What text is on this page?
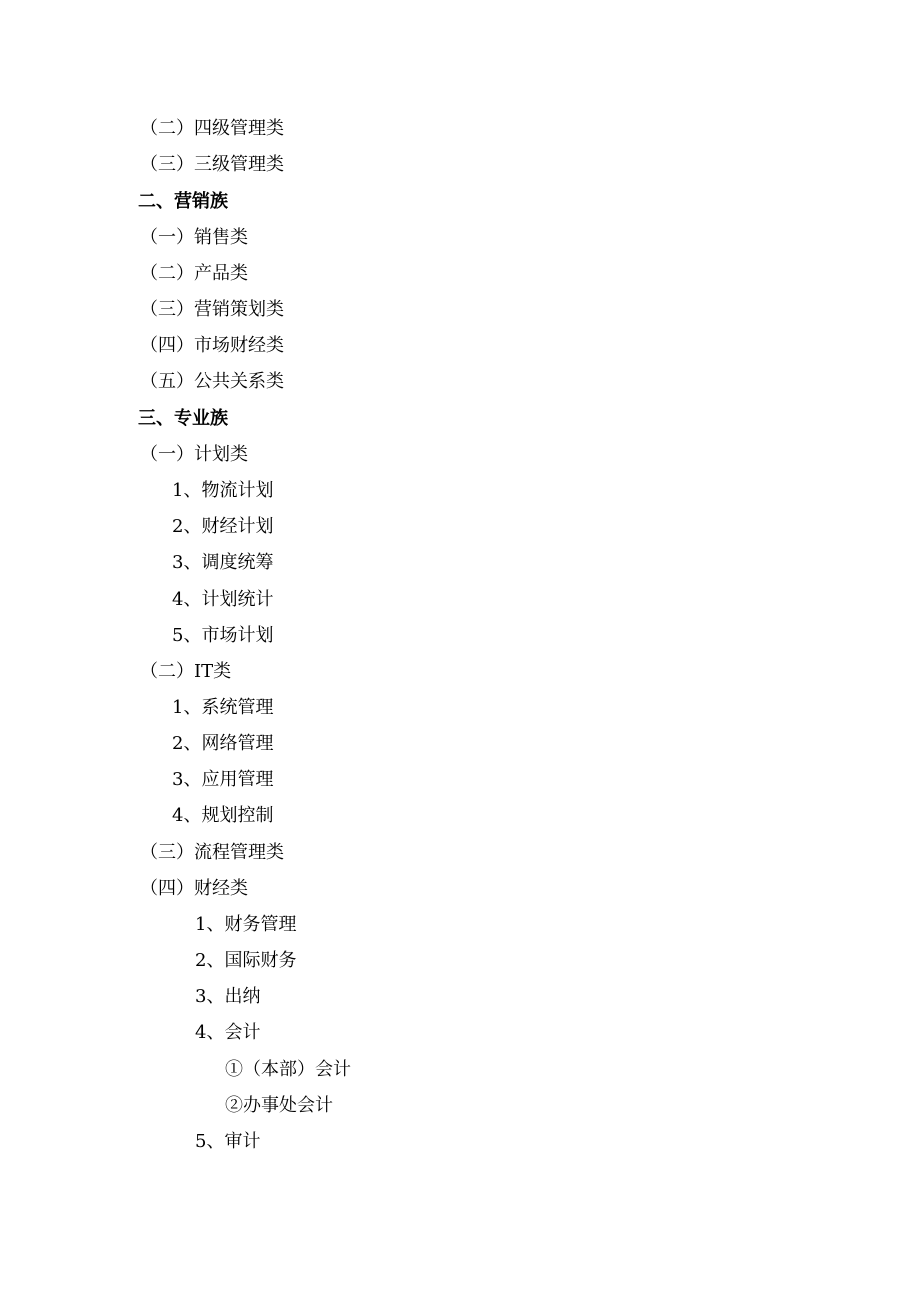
（二）四级管理类
（三）三级管理类
二、营销族
（一）销售类
（二）产品类
（三）营销策划类
（四）市场财经类
（五）公共关系类
三、专业族
（一）计划类
1、物流计划
2、财经计划
3、调度统筹
4、计划统计
5、市场计划
（二）IT类
1、系统管理
2、网络管理
3、应用管理
4、规划控制
（三）流程管理类
（四）财经类
1、财务管理
2、国际财务
3、出纳
4、会计
①（本部）会计
②办事处会计
5、审计
